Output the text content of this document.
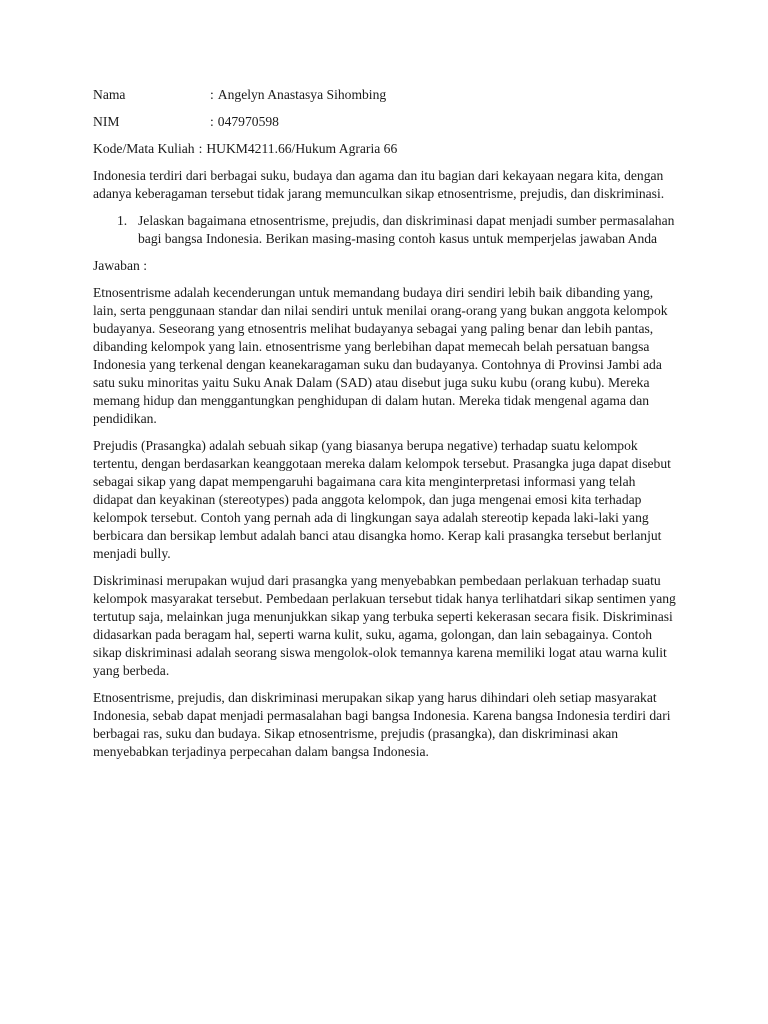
Nama	: Angelyn Anastasya Sihombing
NIM	: 047970598
Kode/Mata Kuliah : HUKM4211.66/Hukum Agraria 66

Indonesia terdiri dari berbagai suku, budaya dan agama dan itu bagian dari kekayaan negara kita, dengan adanya keberagaman tersebut tidak jarang memunculkan sikap etnosentrisme, prejudis, dan diskriminasi.

1. Jelaskan bagaimana etnosentrisme, prejudis, dan diskriminasi dapat menjadi sumber permasalahan bagi bangsa Indonesia. Berikan masing-masing contoh kasus untuk memperjelas jawaban Anda

Jawaban :

Etnosentrisme adalah kecenderungan untuk memandang budaya diri sendiri lebih baik dibanding yang, lain, serta penggunaan standar dan nilai sendiri untuk menilai orang-orang yang bukan anggota kelompok budayanya. Seseorang yang etnosentris melihat budayanya sebagai yang paling benar dan lebih pantas, dibanding kelompok yang lain. etnosentrisme yang berlebihan dapat memecah belah persatuan bangsa Indonesia yang terkenal dengan keanekaragaman suku dan budayanya. Contohnya di Provinsi Jambi ada satu suku minoritas yaitu Suku Anak Dalam (SAD) atau disebut juga suku kubu (orang kubu). Mereka memang hidup dan menggantungkan penghidupan di dalam hutan. Mereka tidak mengenal agama dan pendidikan.

Prejudis (Prasangka) adalah sebuah sikap (yang biasanya berupa negative) terhadap suatu kelompok tertentu, dengan berdasarkan keanggotaan mereka dalam kelompok tersebut. Prasangka juga dapat disebut sebagai sikap yang dapat mempengaruhi bagaimana cara kita menginterpretasi informasi yang telah didapat dan keyakinan (stereotypes) pada anggota kelompok, dan juga mengenai emosi kita terhadap kelompok tersebut. Contoh yang pernah ada di lingkungan saya adalah stereotip kepada laki-laki yang berbicara dan bersikap lembut adalah banci atau disangka homo. Kerap kali prasangka tersebut berlanjut menjadi bully.

Diskriminasi merupakan wujud dari prasangka yang menyebabkan pembedaan perlakuan terhadap suatu kelompok masyarakat tersebut. Pembedaan perlakuan tersebut tidak hanya terlihatdari sikap sentimen yang tertutup saja, melainkan juga menunjukkan sikap yang terbuka seperti kekerasan secara fisik. Diskriminasi didasarkan pada beragam hal, seperti warna kulit, suku, agama, golongan, dan lain sebagainya. Contoh sikap diskriminasi adalah seorang siswa mengolok-olok temannya karena memiliki logat atau warna kulit yang berbeda.

Etnosentrisme, prejudis, dan diskriminasi merupakan sikap yang harus dihindari oleh setiap masyarakat Indonesia, sebab dapat menjadi permasalahan bagi bangsa Indonesia. Karena bangsa Indonesia terdiri dari berbagai ras, suku dan budaya. Sikap etnosentrisme, prejudis (prasangka), dan diskriminasi akan menyebabkan terjadinya perpecahan dalam bangsa Indonesia.
